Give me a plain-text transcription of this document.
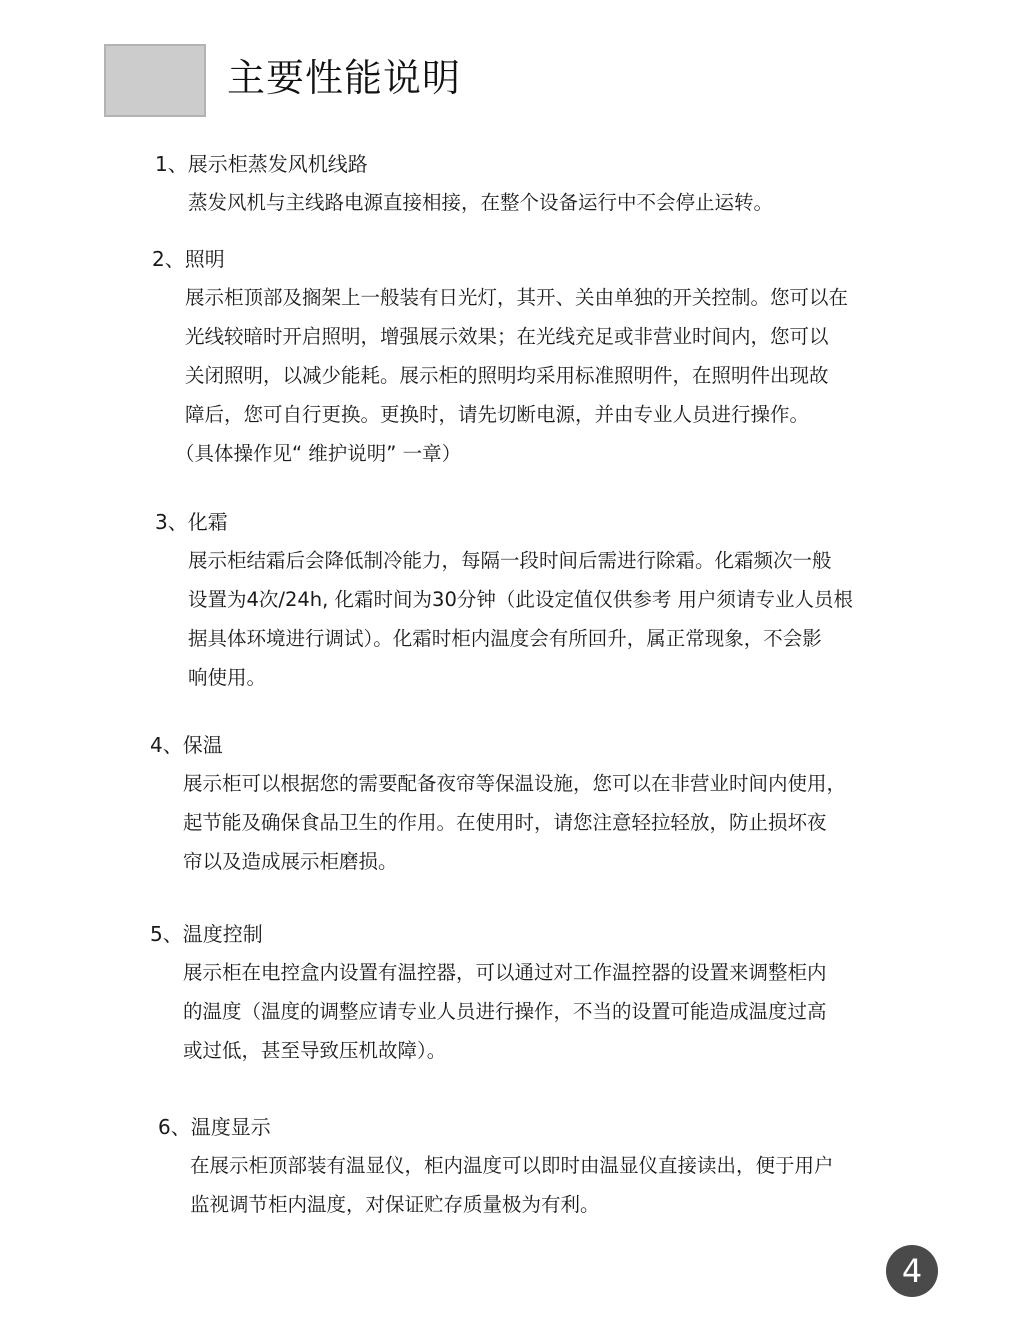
主要性能说明
1、展示柜蒸发风机线路
蒸发风机与主线路电源直接相接，在整个设备运行中不会停止运转。
2、照明
展示柜顶部及搁架上一般装有日光灯，其开、关由单独的开关控制。您可以在
光线较暗时开启照明，增强展示效果；在光线充足或非营业时间内，您可以
关闭照明，以减少能耗。展示柜的照明均采用标准照明件，在照明件出现故
障后，您可自行更换。更换时，请先切断电源，并由专业人员进行操作。
（具体操作见“ 维护说明” 一章）
3、化霜
展示柜结霜后会降低制冷能力，每隔一段时间后需进行除霜。化霜频次一般
设置为4次/24h, 化霜时间为30分钟（此设定值仅供参考 用户须请专业人员根
据具体环境进行调试）。化霜时柜内温度会有所回升，属正常现象，不会影
响使用。
4、保温
展示柜可以根据您的需要配备夜帘等保温设施，您可以在非营业时间内使用，
起节能及确保食品卫生的作用。在使用时，请您注意轻拉轻放，防止损坏夜
帘以及造成展示柜磨损。
5、温度控制
展示柜在电控盒内设置有温控器，可以通过对工作温控器的设置来调整柜内
的温度（温度的调整应请专业人员进行操作，不当的设置可能造成温度过高
或过低，甚至导致压机故障）。
6、温度显示
在展示柜顶部装有温显仪，柜内温度可以即时由温显仪直接读出，便于用户
监视调节柜内温度，对保证贮存质量极为有利。
4
